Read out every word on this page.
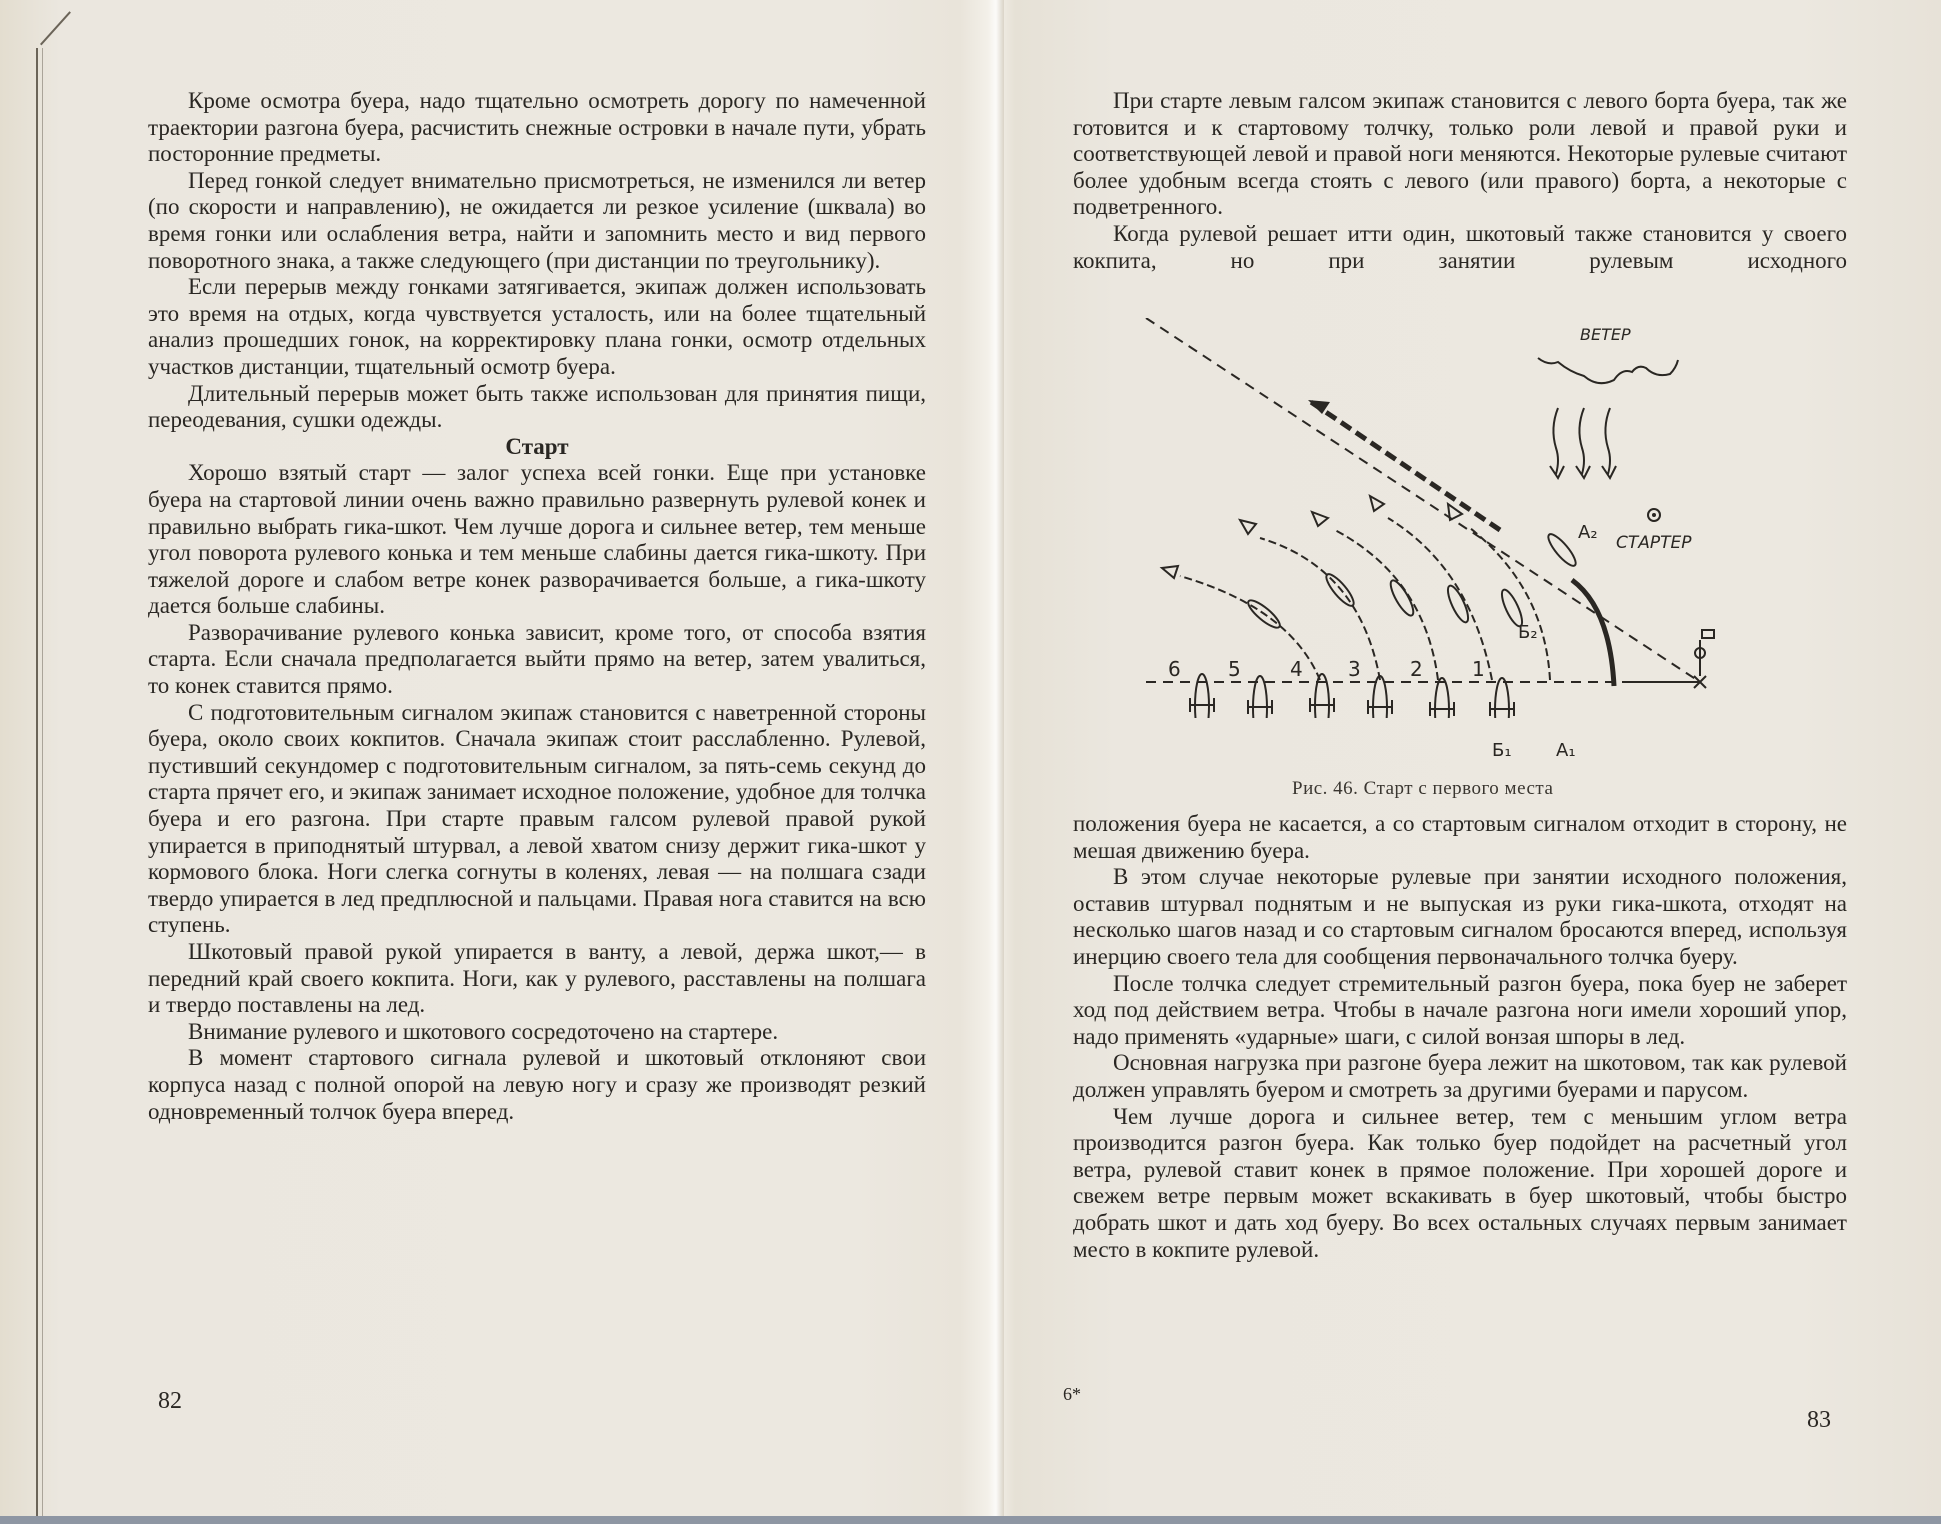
Кроме осмотра буера, надо тщательно осмотреть дорогу по намеченной траектории разгона буера, расчистить снежные островки в начале пути, убрать посторонние предметы.

Перед гонкой следует внимательно присмотреться, не изменился ли ветер (по скорости и направлению), не ожидается ли резкое усиление (шквала) во время гонки или ослабления ветра, найти и запомнить место и вид первого поворотного знака, а также следующего (при дистанции по треугольнику).

Если перерыв между гонками затягивается, экипаж должен использовать это время на отдых, когда чувствуется усталость, или на более тщательный анализ прошедших гонок, на корректировку плана гонки, осмотр отдельных участков дистанции, тщательный осмотр буера.

Длительный перерыв может быть также использован для принятия пищи, переодевания, сушки одежды.

Старт

Хорошо взятый старт — залог успеха всей гонки. Еще при установке буера на стартовой линии очень важно правильно развернуть рулевой конек и правильно выбрать гика-шкот. Чем лучше дорога и сильнее ветер, тем меньше угол поворота рулевого конька и тем меньше слабины дается гика-шкоту. При тяжелой дороге и слабом ветре конек разворачивается больше, а гика-шкоту дается больше слабины.

Разворачивание рулевого конька зависит, кроме того, от способа взятия старта. Если сначала предполагается выйти прямо на ветер, затем увалиться, то конек ставится прямо.

С подготовительным сигналом экипаж становится с наветренной стороны буера, около своих кокпитов. Сначала экипаж стоит расслабленно. Рулевой, пустивший секундомер с подготовительным сигналом, за пять-семь секунд до старта прячет его, и экипаж занимает исходное положение, удобное для толчка буера и его разгона. При старте правым галсом рулевой правой рукой упирается в приподнятый штурвал, а левой хватом снизу держит гика-шкот у кормового блока. Ноги слегка согнуты в коленях, левая — на полшага сзади твердо упирается в лед предплюсной и пальцами. Правая нога ставится на всю ступень.

Шкотовый правой рукой упирается в ванту, а левой, держа шкот,— в передний край своего кокпита. Ноги, как у рулевого, расставлены на полшага и твердо поставлены на лед.

Внимание рулевого и шкотового сосредоточено на стартере.

В момент стартового сигнала рулевой и шкотовый отклоняют свои корпуса назад с полной опорой на левую ногу и сразу же производят резкий одновременный толчок буера вперед.

82

При старте левым галсом экипаж становится с левого борта буера, так же готовится и к стартовому толчку, только роли левой и правой руки и соответствующей левой и правой ноги меняются. Некоторые рулевые считают более удобным всегда стоять с левого (или правого) борта, а некоторые с подветренного.

Когда рулевой решает итти один, шкотовый также становится у своего кокпита, но при занятии рулевым исходного

ВЕТЕР
СТАРТЕР
А₂
Б₂
6 5 4 3 2 1
Б₁ А₁
Рис. 46. Старт с первого места

положения буера не касается, а со стартовым сигналом отходит в сторону, не мешая движению буера.

В этом случае некоторые рулевые при занятии исходного положения, оставив штурвал поднятым и не выпуская из руки гика-шкота, отходят на несколько шагов назад и со стартовым сигналом бросаются вперед, используя инерцию своего тела для сообщения первоначального толчка буеру.

После толчка следует стремительный разгон буера, пока буер не заберет ход под действием ветра. Чтобы в начале разгона ноги имели хороший упор, надо применять «ударные» шаги, с силой вонзая шпоры в лед.

Основная нагрузка при разгоне буера лежит на шкотовом, так как рулевой должен управлять буером и смотреть за другими буерами и парусом.

Чем лучше дорога и сильнее ветер, тем с меньшим углом ветра производится разгон буера. Как только буер подойдет на расчетный угол ветра, рулевой ставит конек в прямое положение. При хорошей дороге и свежем ветре первым может вскакивать в буер шкотовый, чтобы быстро добрать шкот и дать ход буеру. Во всех остальных случаях первым занимает место в кокпите рулевой.

6*
83
